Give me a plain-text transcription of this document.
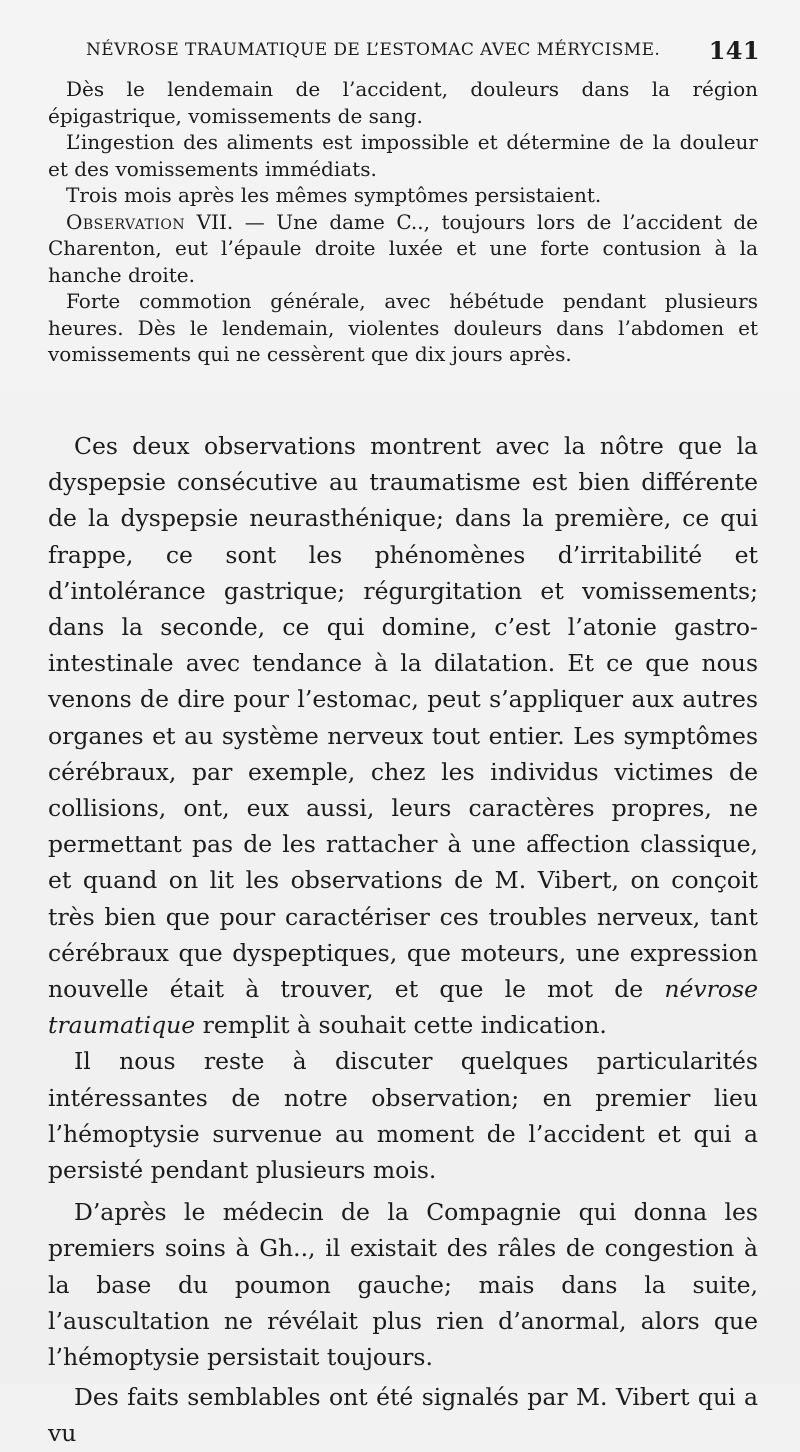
NÉVROSE TRAUMATIQUE DE L’ESTOMAC AVEC MÉRYCISME. 141

Dès le lendemain de l’accident, douleurs dans la région épigastrique, vomissements de sang.

L’ingestion des aliments est impossible et détermine de la douleur et des vomissements immédiats.

Trois mois après les mêmes symptômes persistaient.

Observation VII. — Une dame C.., toujours lors de l’accident de Charenton, eut l’épaule droite luxée et une forte contusion à la hanche droite.

Forte commotion générale, avec hébétude pendant plusieurs heures. Dès le lendemain, violentes douleurs dans l’abdomen et vomissements qui ne cessèrent que dix jours après.

Ces deux observations montrent avec la nôtre que la dyspepsie consécutive au traumatisme est bien différente de la dyspepsie neurasthénique; dans la première, ce qui frappe, ce sont les phénomènes d’irritabilité et d’intolérance gastrique; régurgitation et vomissements; dans la seconde, ce qui domine, c’est l’atonie gastro-intestinale avec tendance à la dilatation. Et ce que nous venons de dire pour l’estomac, peut s’appliquer aux autres organes et au système nerveux tout entier. Les symptômes cérébraux, par exemple, chez les individus victimes de collisions, ont, eux aussi, leurs caractères propres, ne permettant pas de les rattacher à une affection classique, et quand on lit les observations de M. Vibert, on conçoit très bien que pour caractériser ces troubles nerveux, tant cérébraux que dyspeptiques, que moteurs, une expression nouvelle était à trouver, et que le mot de névrose traumatique remplit à souhait cette indication.

Il nous reste à discuter quelques particularités intéressantes de notre observation; en premier lieu l’hémoptysie survenue au moment de l’accident et qui a persisté pendant plusieurs mois.

D’après le médecin de la Compagnie qui donna les premiers soins à Gh.., il existait des râles de congestion à la base du poumon gauche; mais dans la suite, l’auscultation ne révélait plus rien d’anormal, alors que l’hémoptysie persistait toujours.

Des faits semblables ont été signalés par M. Vibert qui a vu
